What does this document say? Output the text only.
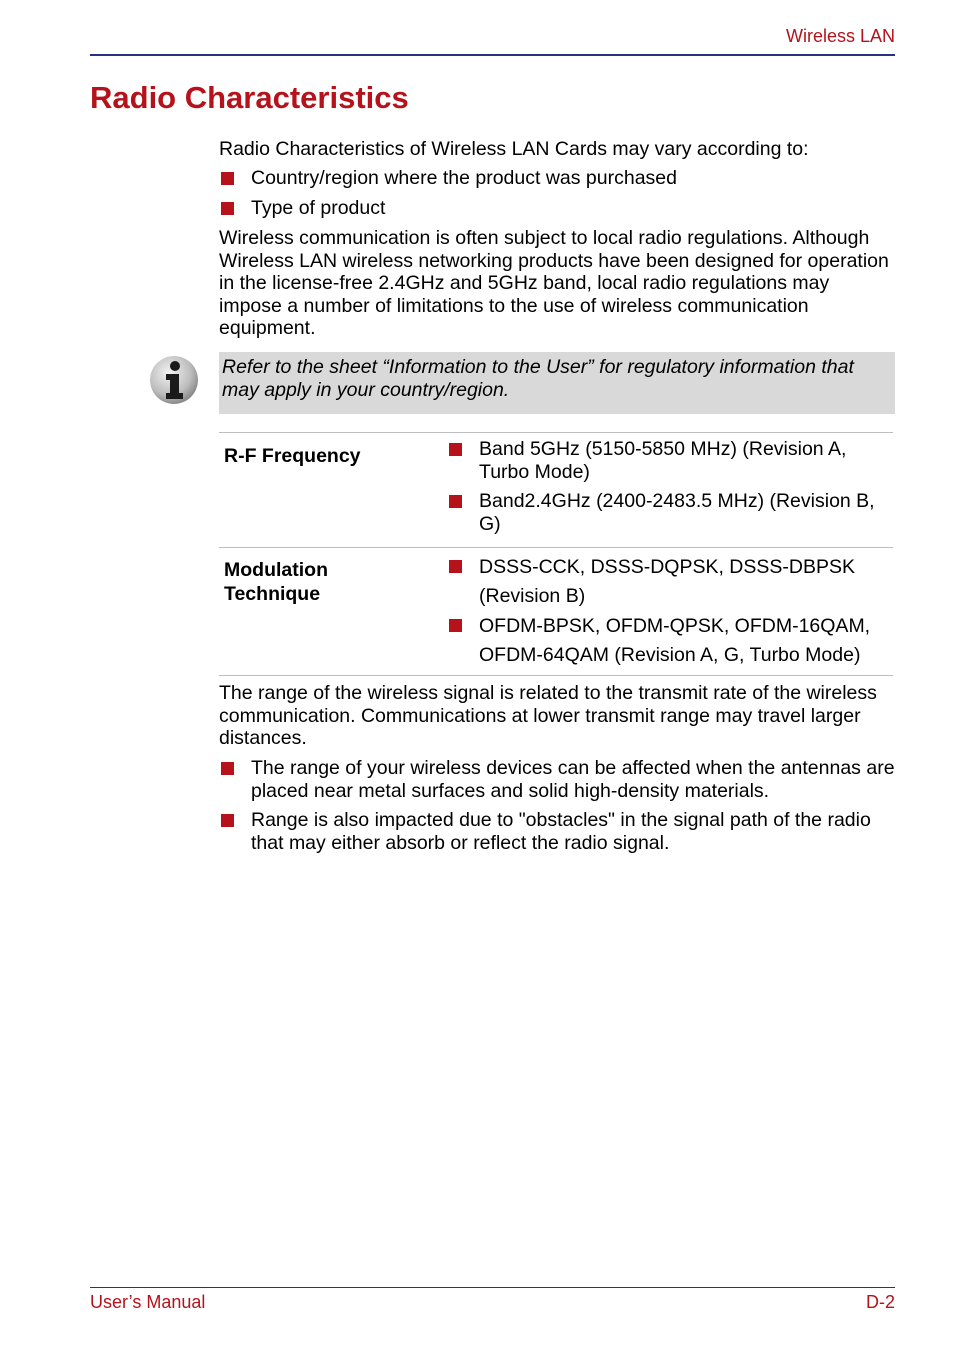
Wireless LAN
Radio Characteristics

Radio Characteristics of Wireless LAN Cards may vary according to:

Country/region where the product was purchased
Type of product

Wireless communication is often subject to local radio regulations. Although Wireless LAN wireless networking products have been designed for operation in the license-free 2.4GHz and 5GHz band, local radio regulations may impose a number of limitations to the use of wireless communication equipment.

Refer to the sheet “Information to the User” for regulatory information that may apply in your country/region.
R-F Frequency	Band 5GHz (5150-5850 MHz) (Revision A, Turbo Mode)
Band2.4GHz (2400-2483.5 MHz) (Revision B, G)
Modulation Technique
DSSS-CCK, DSSS-DQPSK, DSSS-DBPSK (Revision B)
OFDM-BPSK, OFDM-QPSK, OFDM-16QAM, OFDM-64QAM (Revision A, G, Turbo Mode)

The range of the wireless signal is related to the transmit rate of the wireless communication. Communications at lower transmit range may travel larger distances.

The range of your wireless devices can be affected when the antennas are placed near metal surfaces and solid high-density materials.
Range is also impacted due to "obstacles" in the signal path of the radio that may either absorb or reflect the radio signal.
User’s Manual	D-2
